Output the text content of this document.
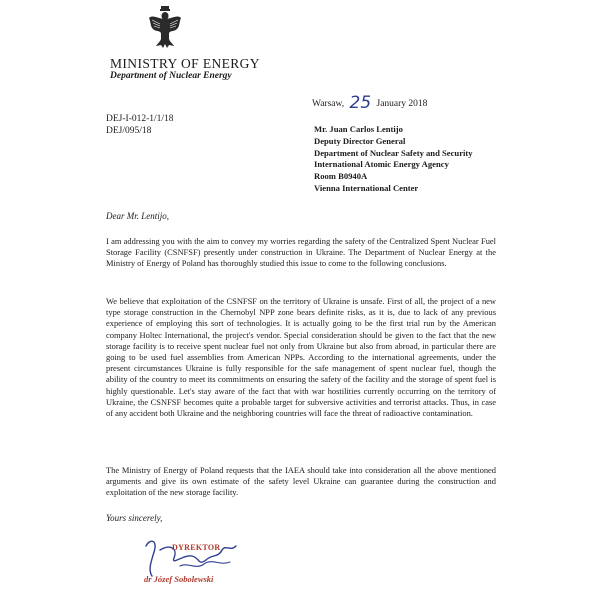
MINISTRY OF ENERGY
Department of Nuclear Energy
Warsaw, 25 January 2018
DEJ-I-012-1/1/18
DEJ/095/18	Mr. Juan Carlos Lentijo
Deputy Director General
Department of Nuclear Safety and Security
International Atomic Energy Agency
Room B0940A
Vienna International Center
Dear Mr. Lentijo,

I am addressing you with the aim to convey my worries regarding the safety of the Centralized Spent Nuclear Fuel Storage Facility (CSNFSF) presently under construction in Ukraine. The Department of Nuclear Energy at the Ministry of Energy of Poland has thoroughly studied this issue to come to the following conclusions.

We believe that exploitation of the CSNFSF on the territory of Ukraine is unsafe. First of all, the project of a new type storage construction in the Chernobyl NPP zone bears definite risks, as it is, due to lack of any previous experience of employing this sort of technologies. It is actually going to be the first trial run by the American company Holtec International, the project's vendor. Special consideration should be given to the fact that the new storage facility is to receive spent nuclear fuel not only from Ukraine but also from abroad, in particular there are going to be used fuel assemblies from American NPPs. According to the international agreements, under the present circumstances Ukraine is fully responsible for the safe management of spent nuclear fuel, though the ability of the country to meet its commitments on ensuring the safety of the facility and the storage of spent fuel is highly questionable. Let's stay aware of the fact that with war hostilities currently occurring on the territory of Ukraine, the CSNFSF becomes quite a probable target for subversive activities and terrorist attacks. Thus, in case of any accident both Ukraine and the neighboring countries will face the threat of radioactive contamination.

The Ministry of Energy of Poland requests that the IAEA should take into consideration all the above mentioned arguments and give its own estimate of the safety level Ukraine can guarantee during the construction and exploitation of the new storage facility.

Yours sincerely,
DYREKTOR
dr Józef Sobolewski
